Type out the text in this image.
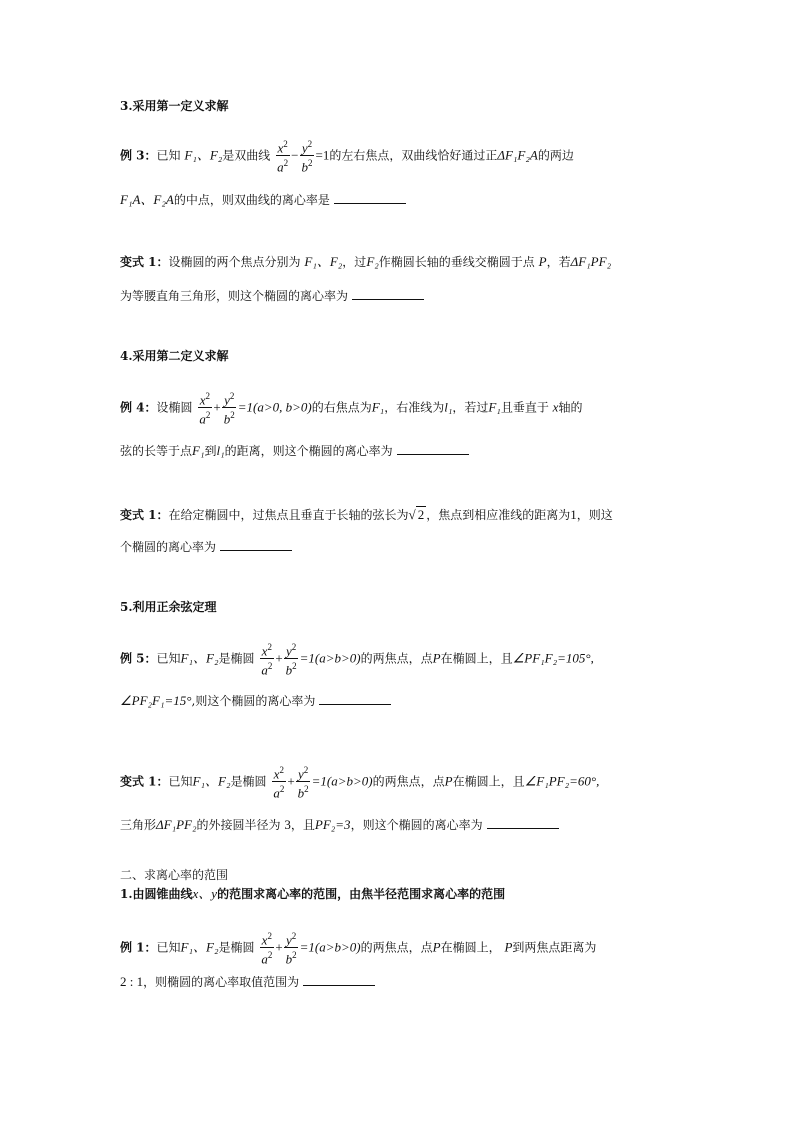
3.采用第一定义求解
例 3：已知 F₁、F₂是双曲线 $\frac{x^2}{a^2} - \frac{y^2}{b^2} =1$的左右焦点，双曲线恰好通过正ΔF₁F₂A的两边
F₁A、F₂A的中点，则双曲线的离心率是
变式 1：设椭圆的两个焦点分别为 F₁、F₂，过F₂作椭圆长轴的垂线交椭圆于点 P，若ΔF₁PF₂
为等腰直角三角形，则这个椭圆的离心率为
4.采用第二定义求解
例 4：设椭圆 $\frac{x^2}{a^2} + \frac{y^2}{b^2} =1(a>0$, b>0)的右焦点为F₁，右准线为l₁，若过F₁且垂直于 x轴的
弦的长等于点F₁到l₁的距离，则这个椭圆的离心率为
变式 1：在给定椭圆中，过焦点且垂直于长轴的弦长为√ 2 ，焦点到相应准线的距离为1，则这
个椭圆的离心率为
5.利用正余弦定理
例 5：已知F₁、F₂是椭圆 $\frac{x^2}{a^2} + \frac{y^2}{b^2} =1(a>b>0)$的两焦点，点P在椭圆上，且∠PF₁F₂=105°,
∠PF₂F₁=15°,则这个椭圆的离心率为
变式 1：已知F₁、F₂是椭圆 $\frac{x^2}{a^2} + \frac{y^2}{b^2} =1(a>b>0)$的两焦点，点P在椭圆上，且∠F₁PF₂=60°,
三角形ΔF₁PF₂的外接圆半径为 3，且PF₂=3，则这个椭圆的离心率为
二、求离心率的范围
1.由圆锥曲线x、y的范围求离心率的范围，由焦半径范围求离心率的范围
例 1：已知F₁、F₂是椭圆 $\frac{x^2}{a^2} + \frac{y^2}{b^2} =1(a>b>0)$的两焦点，点P在椭圆上， P到两焦点距离为
2 : 1，则椭圆的离心率取值范围为
